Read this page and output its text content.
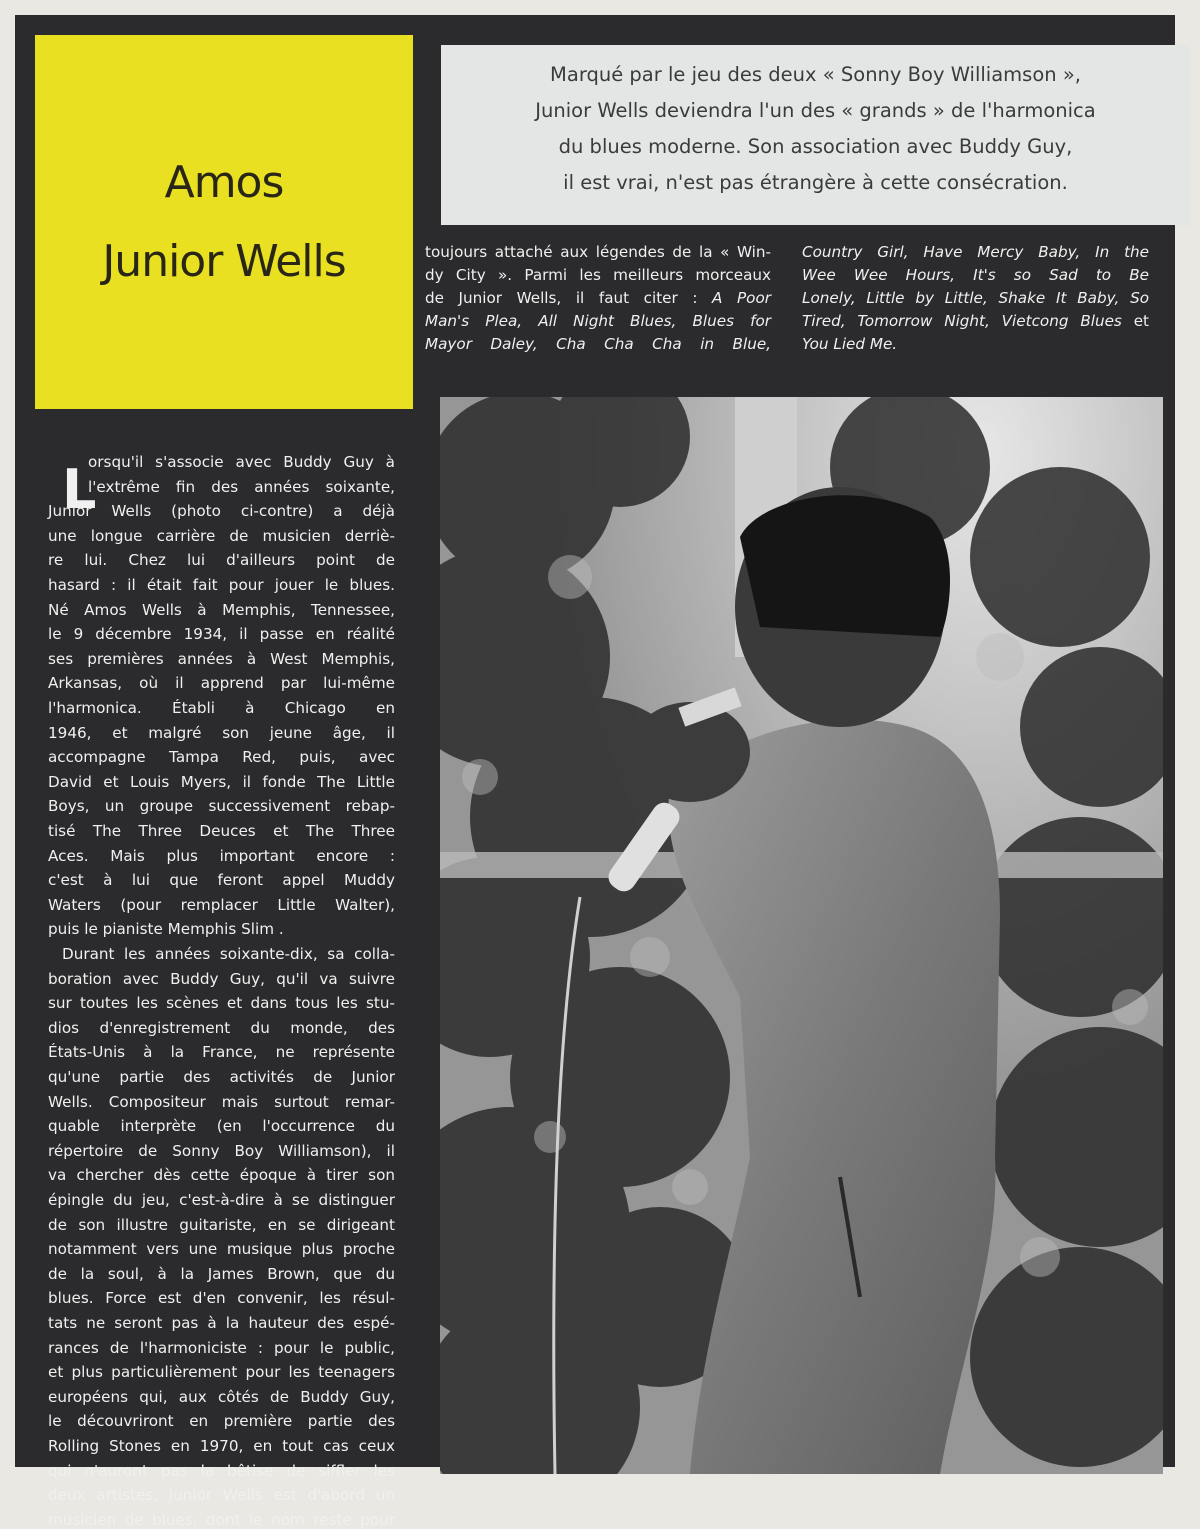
Amos
Junior Wells
Marqué par le jeu des deux « Sonny Boy Williamson »,
Junior Wells deviendra l'un des « grands » de l'harmonica
du blues moderne. Son association avec Buddy Guy,
il est vrai, n'est pas étrangère à cette consécration.
toujours attaché aux légendes de la « Win-
dy City ». Parmi les meilleurs morceaux
de Junior Wells, il faut citer : A Poor
Man's Plea, All Night Blues, Blues for
Mayor Daley, Cha Cha Cha in Blue,
Country Girl, Have Mercy Baby, In the
Wee Wee Hours, It's so Sad to Be
Lonely, Little by Little, Shake It Baby, So
Tired, Tomorrow Night, Vietcong Blues et
You Lied Me.
L
orsqu'il s'associe avec Buddy Guy à
l'extrême fin des années soixante,
Junior Wells (photo ci-contre) a déjà
une longue carrière de musicien derriè-
re lui. Chez lui d'ailleurs point de
hasard : il était fait pour jouer le blues.
Né Amos Wells à Memphis, Tennessee,
le 9 décembre 1934, il passe en réalité
ses premières années à West Memphis,
Arkansas, où il apprend par lui-même
l'harmonica. Établi à Chicago en
1946, et malgré son jeune âge, il
accompagne Tampa Red, puis, avec
David et Louis Myers, il fonde The Little
Boys, un groupe successivement rebap-
tisé The Three Deuces et The Three
Aces. Mais plus important encore :
c'est à lui que feront appel Muddy
Waters (pour remplacer Little Walter),
puis le pianiste Memphis Slim .
Durant les années soixante-dix, sa colla-
boration avec Buddy Guy, qu'il va suivre
sur toutes les scènes et dans tous les stu-
dios d'enregistrement du monde, des
États-Unis à la France, ne représente
qu'une partie des activités de Junior
Wells. Compositeur mais surtout remar-
quable interprète (en l'occurrence du
répertoire de Sonny Boy Williamson), il
va chercher dès cette époque à tirer son
épingle du jeu, c'est-à-dire à se distinguer
de son illustre guitariste, en se dirigeant
notamment vers une musique plus proche
de la soul, à la James Brown, que du
blues. Force est d'en convenir, les résul-
tats ne seront pas à la hauteur des espé-
rances de l'harmoniciste : pour le public,
et plus particulièrement pour les teenagers
européens qui, aux côtés de Buddy Guy,
le découvriront en première partie des
Rolling Stones en 1970, en tout cas ceux
qui n'auront pas la bêtise de siffler les
deux artistes, Junior Wells est d'abord un
musicien de blues, dont le nom reste pour
